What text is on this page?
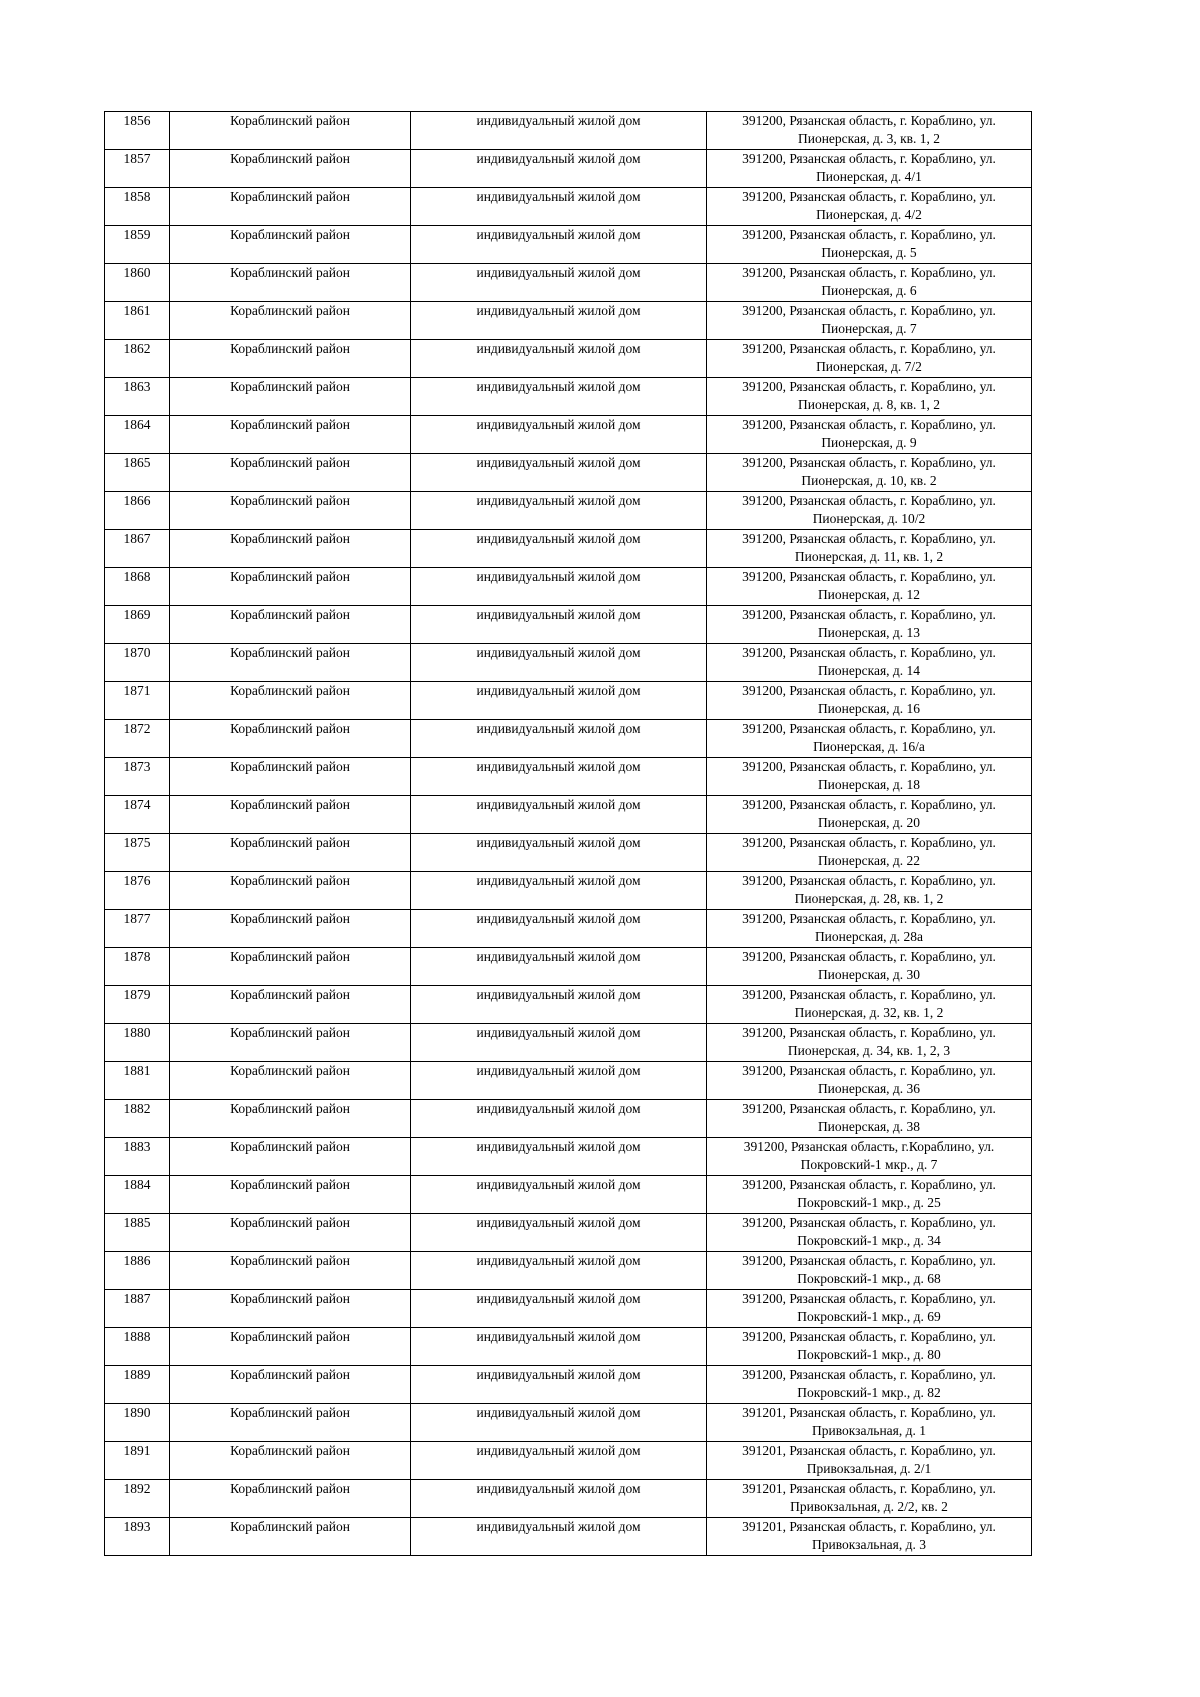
1856	Кораблинский район	индивидуальный жилой дом	391200, Рязанская область, г. Кораблино, ул.
Пионерская, д. 3, кв. 1, 2

1857	Кораблинский район	индивидуальный жилой дом	391200, Рязанская область, г. Кораблино, ул.
Пионерская, д. 4/1

1858	Кораблинский район	индивидуальный жилой дом	391200, Рязанская область, г. Кораблино, ул.
Пионерская, д. 4/2

1859	Кораблинский район	индивидуальный жилой дом	391200, Рязанская область, г. Кораблино, ул.
Пионерская, д. 5

1860	Кораблинский район	индивидуальный жилой дом	391200, Рязанская область, г. Кораблино, ул.
Пионерская, д. 6

1861	Кораблинский район	индивидуальный жилой дом	391200, Рязанская область, г. Кораблино, ул.
Пионерская, д. 7

1862	Кораблинский район	индивидуальный жилой дом	391200, Рязанская область, г. Кораблино, ул.
Пионерская, д. 7/2

1863	Кораблинский район	индивидуальный жилой дом	391200, Рязанская область, г. Кораблино, ул.
Пионерская, д. 8, кв. 1, 2

1864	Кораблинский район	индивидуальный жилой дом	391200, Рязанская область, г. Кораблино, ул.
Пионерская, д. 9

1865	Кораблинский район	индивидуальный жилой дом	391200, Рязанская область, г. Кораблино, ул.
Пионерская, д. 10, кв. 2

1866	Кораблинский район	индивидуальный жилой дом	391200, Рязанская область, г. Кораблино, ул.
Пионерская, д. 10/2

1867	Кораблинский район	индивидуальный жилой дом	391200, Рязанская область, г. Кораблино, ул.
Пионерская, д. 11, кв. 1, 2

1868	Кораблинский район	индивидуальный жилой дом	391200, Рязанская область, г. Кораблино, ул.
Пионерская, д. 12

1869	Кораблинский район	индивидуальный жилой дом	391200, Рязанская область, г. Кораблино, ул.
Пионерская, д. 13

1870	Кораблинский район	индивидуальный жилой дом	391200, Рязанская область, г. Кораблино, ул.
Пионерская, д. 14

1871	Кораблинский район	индивидуальный жилой дом	391200, Рязанская область, г. Кораблино, ул.
Пионерская, д. 16

1872	Кораблинский район	индивидуальный жилой дом	391200, Рязанская область, г. Кораблино, ул.
Пионерская, д. 16/а

1873	Кораблинский район	индивидуальный жилой дом	391200, Рязанская область, г. Кораблино, ул.
Пионерская, д. 18

1874	Кораблинский район	индивидуальный жилой дом	391200, Рязанская область, г. Кораблино, ул.
Пионерская, д. 20

1875	Кораблинский район	индивидуальный жилой дом	391200, Рязанская область, г. Кораблино, ул.
Пионерская, д. 22

1876	Кораблинский район	индивидуальный жилой дом	391200, Рязанская область, г. Кораблино, ул.
Пионерская, д. 28, кв. 1, 2

1877	Кораблинский район	индивидуальный жилой дом	391200, Рязанская область, г. Кораблино, ул.
Пионерская, д. 28а

1878	Кораблинский район	индивидуальный жилой дом	391200, Рязанская область, г. Кораблино, ул.
Пионерская, д. 30

1879	Кораблинский район	индивидуальный жилой дом	391200, Рязанская область, г. Кораблино, ул.
Пионерская, д. 32, кв. 1, 2

1880	Кораблинский район	индивидуальный жилой дом	391200, Рязанская область, г. Кораблино, ул.
Пионерская, д. 34, кв. 1, 2, 3

1881	Кораблинский район	индивидуальный жилой дом	391200, Рязанская область, г. Кораблино, ул.
Пионерская, д. 36

1882	Кораблинский район	индивидуальный жилой дом	391200, Рязанская область, г. Кораблино, ул.
Пионерская, д. 38

1883	Кораблинский район	индивидуальный жилой дом	391200, Рязанская область, г.Кораблино, ул.
Покровский-1 мкр., д. 7

1884	Кораблинский район	индивидуальный жилой дом	391200, Рязанская область, г. Кораблино, ул.
Покровский-1 мкр., д. 25

1885	Кораблинский район	индивидуальный жилой дом	391200, Рязанская область, г. Кораблино, ул.
Покровский-1 мкр., д. 34

1886	Кораблинский район	индивидуальный жилой дом	391200, Рязанская область, г. Кораблино, ул.
Покровский-1 мкр., д. 68

1887	Кораблинский район	индивидуальный жилой дом	391200, Рязанская область, г. Кораблино, ул.
Покровский-1 мкр., д. 69

1888	Кораблинский район	индивидуальный жилой дом	391200, Рязанская область, г. Кораблино, ул.
Покровский-1 мкр., д. 80

1889	Кораблинский район	индивидуальный жилой дом	391200, Рязанская область, г. Кораблино, ул.
Покровский-1 мкр., д. 82

1890	Кораблинский район	индивидуальный жилой дом	391201, Рязанская область, г. Кораблино, ул.
Привокзальная, д. 1

1891	Кораблинский район	индивидуальный жилой дом	391201, Рязанская область, г. Кораблино, ул.
Привокзальная, д. 2/1

1892	Кораблинский район	индивидуальный жилой дом	391201, Рязанская область, г. Кораблино, ул.
Привокзальная, д. 2/2, кв. 2

1893	Кораблинский район	индивидуальный жилой дом	391201, Рязанская область, г. Кораблино, ул.
Привокзальная, д. 3
